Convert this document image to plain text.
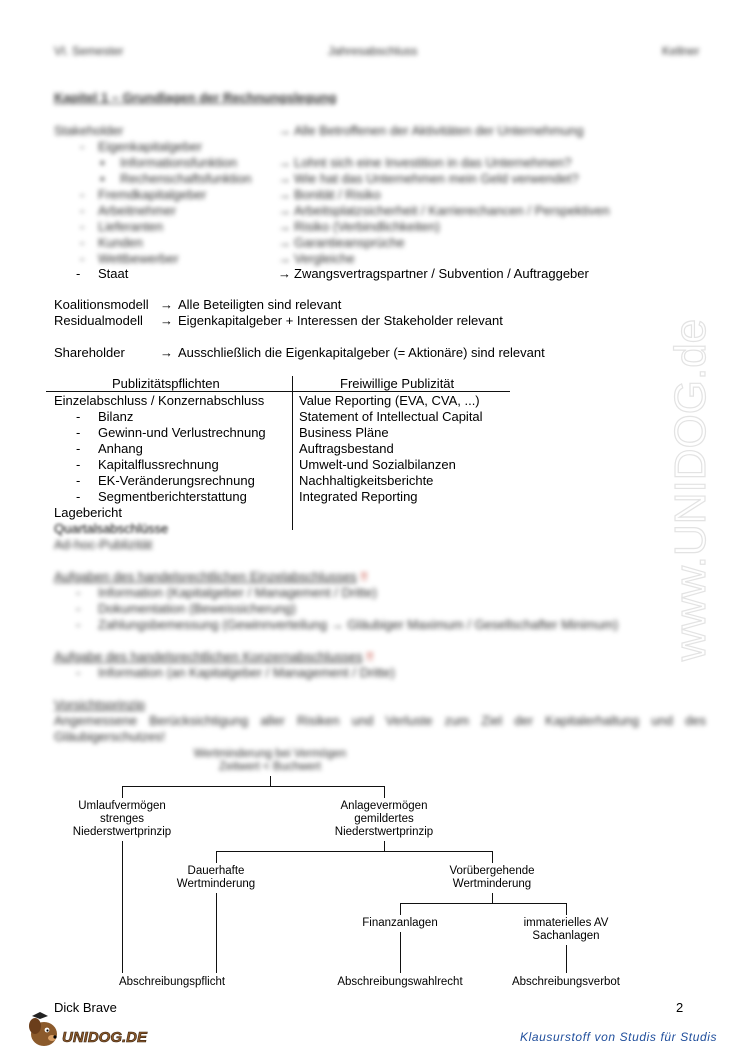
VI. Semester	Jahresabschluss	Kellner
Kapitel 1 – Grundlagen der Rechnungslegung
Stakeholder	→ Alle Betroffenen der Aktivitäten der Unternehmung
- Eigenkapitalgeber
▪ Informationsfunktion	→ Lohnt sich eine Investition in das Unternehmen?
▪ Rechenschaftsfunktion → Wie hat das Unternehmen mein Geld verwendet?
- Fremdkapitalgeber	→ Bonität / Risiko
- Arbeitnehmer	→ Arbeitsplatzsicherheit / Karrierechancen / Perspektiven
- Lieferanten	→ Risiko (Verbindlichkeiten)
- Kunden	→ Garantieansprüche
- Wettbewerber	→ Vergleiche
- Staat	→ Zwangsvertragspartner / Subvention / Auftraggeber
Koalitionsmodell → Alle Beteiligten sind relevant
Residualmodell → Eigenkapitalgeber + Interessen der Stakeholder relevant
Shareholder	→ Ausschließlich die Eigenkapitalgeber (= Aktionäre) sind relevant
Publizitätspflichten	Freiwillige Publizität
Einzelabschluss / Konzernabschluss	Value Reporting (EVA, CVA, ...)
- Bilanz	Statement of Intellectual Capital
- Gewinn-und Verlustrechnung	Business Pläne
- Anhang	Auftragsbestand
- Kapitalflussrechnung	Umwelt-und Sozialbilanzen
- EK-Veränderungsrechnung	Nachhaltigkeitsberichte
- Segmentberichterstattung	Integrated Reporting
Lagebericht
Quartalsabschlüsse
Ad-hoc-Publizität
Aufgaben des handelsrechtlichen Einzelabschlusses !!
- Information (Kapitalgeber / Management / Dritte)
- Dokumentation (Beweissicherung)
- Zahlungsbemessung (Gewinnverteilung → Gläubiger Maximum / Gesellschafter Minimum)
Aufgabe des handelsrechtlichen Konzernabschlusses !!
- Information (an Kapitalgeber / Management / Dritte)
Vorsichtsprinzip
Angemessene Berücksichtigung aller Risiken und Verluste zum Ziel der Kapitalerhaltung und des Gläubigerschutzes!
Wertminderung bei Vermögen
Zeitwert < Buchwert
Umlaufvermögen
strenges
Niederstwertprinzip
Anlagevermögen
gemildertes
Niederstwertprinzip
Dauerhafte
Wertminderung
Vorübergehende
Wertminderung
Finanzanlagen	immaterielles AV
Sachanlagen
Abschreibungspflicht	Abschreibungswahlrecht	Abschreibungsverbot
www.UNIDOG.de
Dick Brave	2
UNIDOG.DE	Klausurstoff von Studis für Studis
